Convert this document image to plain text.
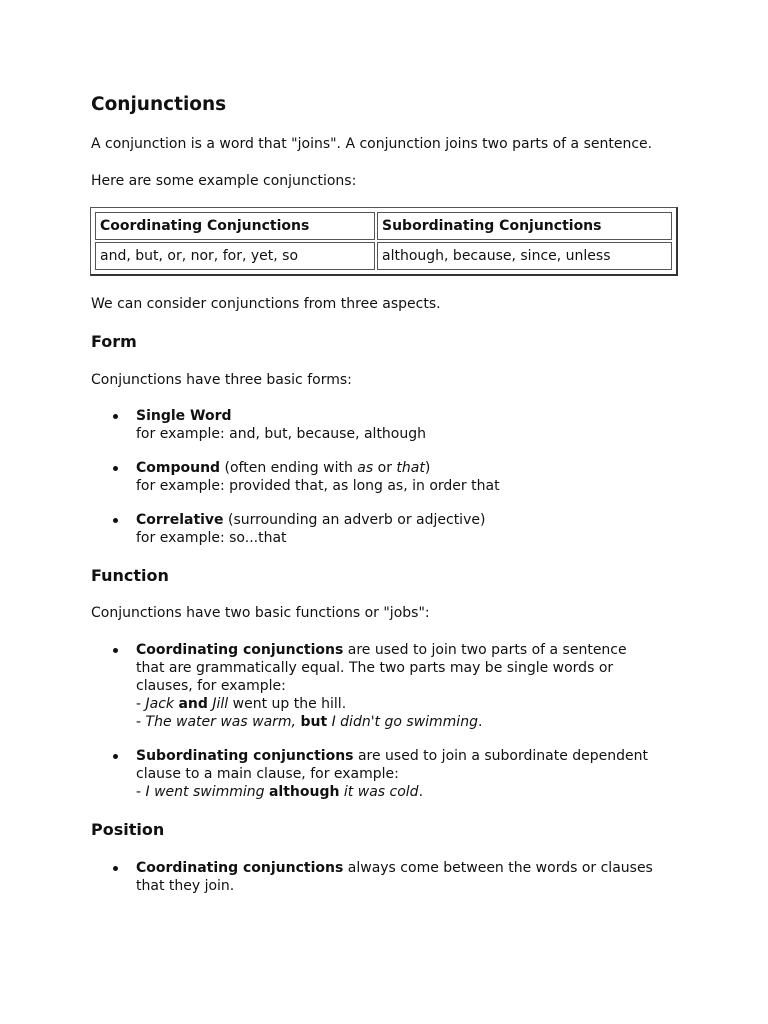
Conjunctions

A conjunction is a word that "joins". A conjunction joins two parts of a sentence.

Here are some example conjunctions:

Coordinating Conjunctions	Subordinating Conjunctions
and, but, or, nor, for, yet, so	although, because, since, unless

We can consider conjunctions from three aspects.

Form

Conjunctions have three basic forms:

Single Word
for example: and, but, because, although
Compound (often ending with as or that)
for example: provided that, as long as, in order that
Correlative (surrounding an adverb or adjective)
for example: so...that
Function

Conjunctions have two basic functions or "jobs":

Coordinating conjunctions are used to join two parts of a sentence
that are grammatically equal. The two parts may be single words or
clauses, for example:
- Jack and Jill went up the hill.
- The water was warm, but I didn't go swimming.
Subordinating conjunctions are used to join a subordinate dependent
clause to a main clause, for example:
- I went swimming although it was cold.
Position
Coordinating conjunctions always come between the words or clauses
that they join.
